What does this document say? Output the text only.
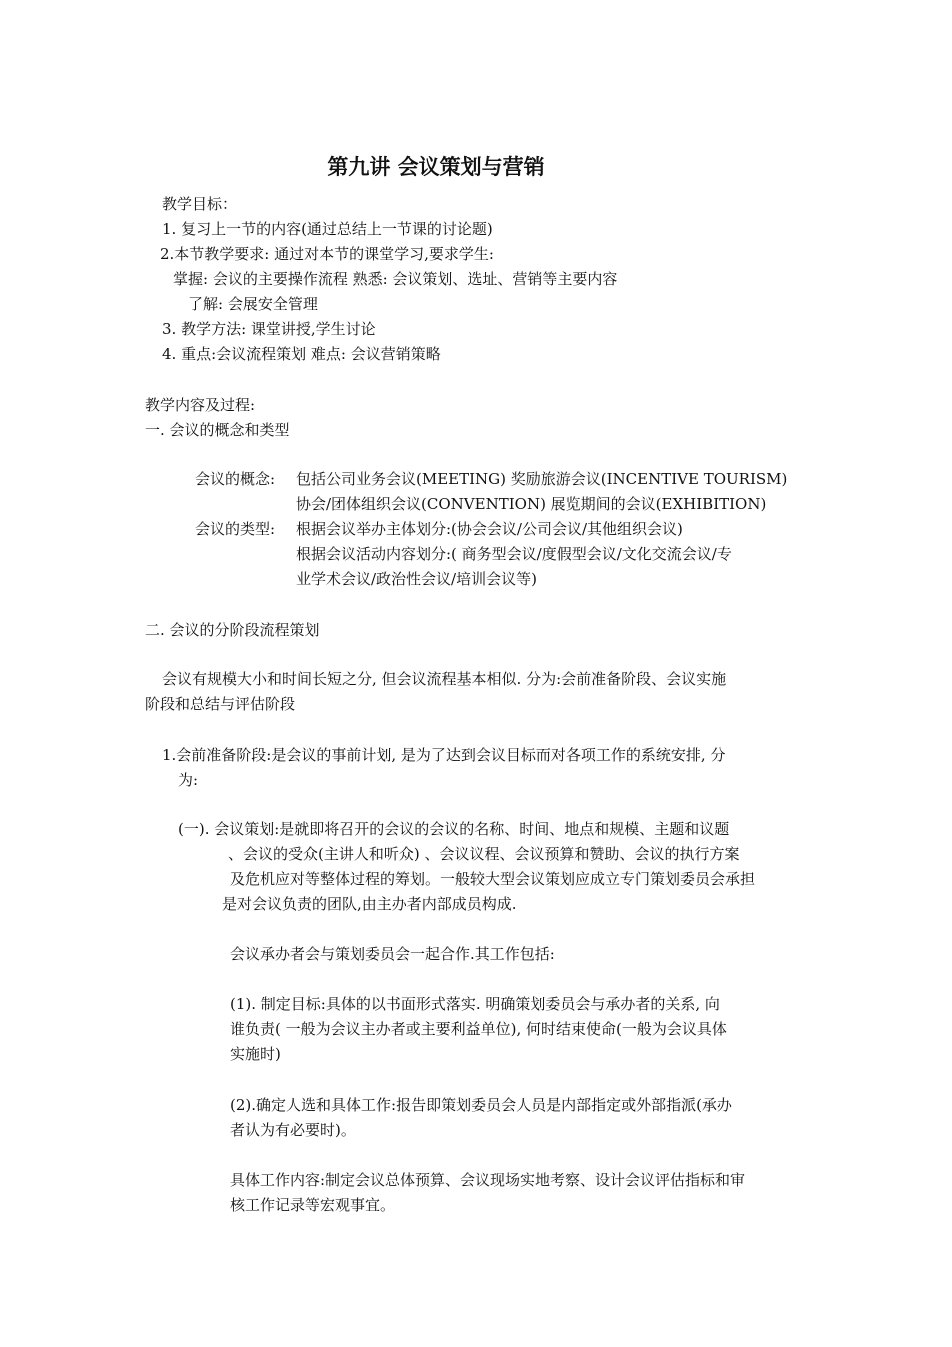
第九讲 会议策划与营销
教学目标：
1. 复习上一节的内容(通过总结上一节课的讨论题)
2.本节教学要求: 通过对本节的课堂学习,要求学生:
掌握: 会议的主要操作流程 熟悉: 会议策划、选址、营销等主要内容
了解: 会展安全管理
3. 教学方法: 课堂讲授,学生讨论
4. 重点:会议流程策划 难点: 会议营销策略
教学内容及过程:
一. 会议的概念和类型
会议的概念: 包括公司业务会议(MEETING) 奖励旅游会议(INCENTIVE TOURISM)
协会/团体组织会议(CONVENTION) 展览期间的会议(EXHIBITION)
会议的类型: 根据会议举办主体划分:(协会会议/公司会议/其他组织会议)
根据会议活动内容划分:( 商务型会议/度假型会议/文化交流会议/专
业学术会议/政治性会议/培训会议等)
二. 会议的分阶段流程策划
会议有规模大小和时间长短之分, 但会议流程基本相似. 分为:会前准备阶段、会议实施
阶段和总结与评估阶段
1.会前准备阶段:是会议的事前计划, 是为了达到会议目标而对各项工作的系统安排, 分
为:
(一). 会议策划:是就即将召开的会议的会议的名称、时间、地点和规模、主题和议题
、会议的受众(主讲人和听众) 、会议议程、会议预算和赞助、会议的执行方案
及危机应对等整体过程的筹划。一般较大型会议策划应成立专门策划委员会承担
是对会议负责的团队,由主办者内部成员构成.
会议承办者会与策划委员会一起合作.其工作包括:
(1). 制定目标:具体的以书面形式落实. 明确策划委员会与承办者的关系, 向
谁负责( 一般为会议主办者或主要利益单位), 何时结束使命(一般为会议具体
实施时)
(2).确定人选和具体工作:报告即策划委员会人员是内部指定或外部指派(承办
者认为有必要时)。
具体工作内容:制定会议总体预算、会议现场实地考察、设计会议评估指标和审
核工作记录等宏观事宜。
